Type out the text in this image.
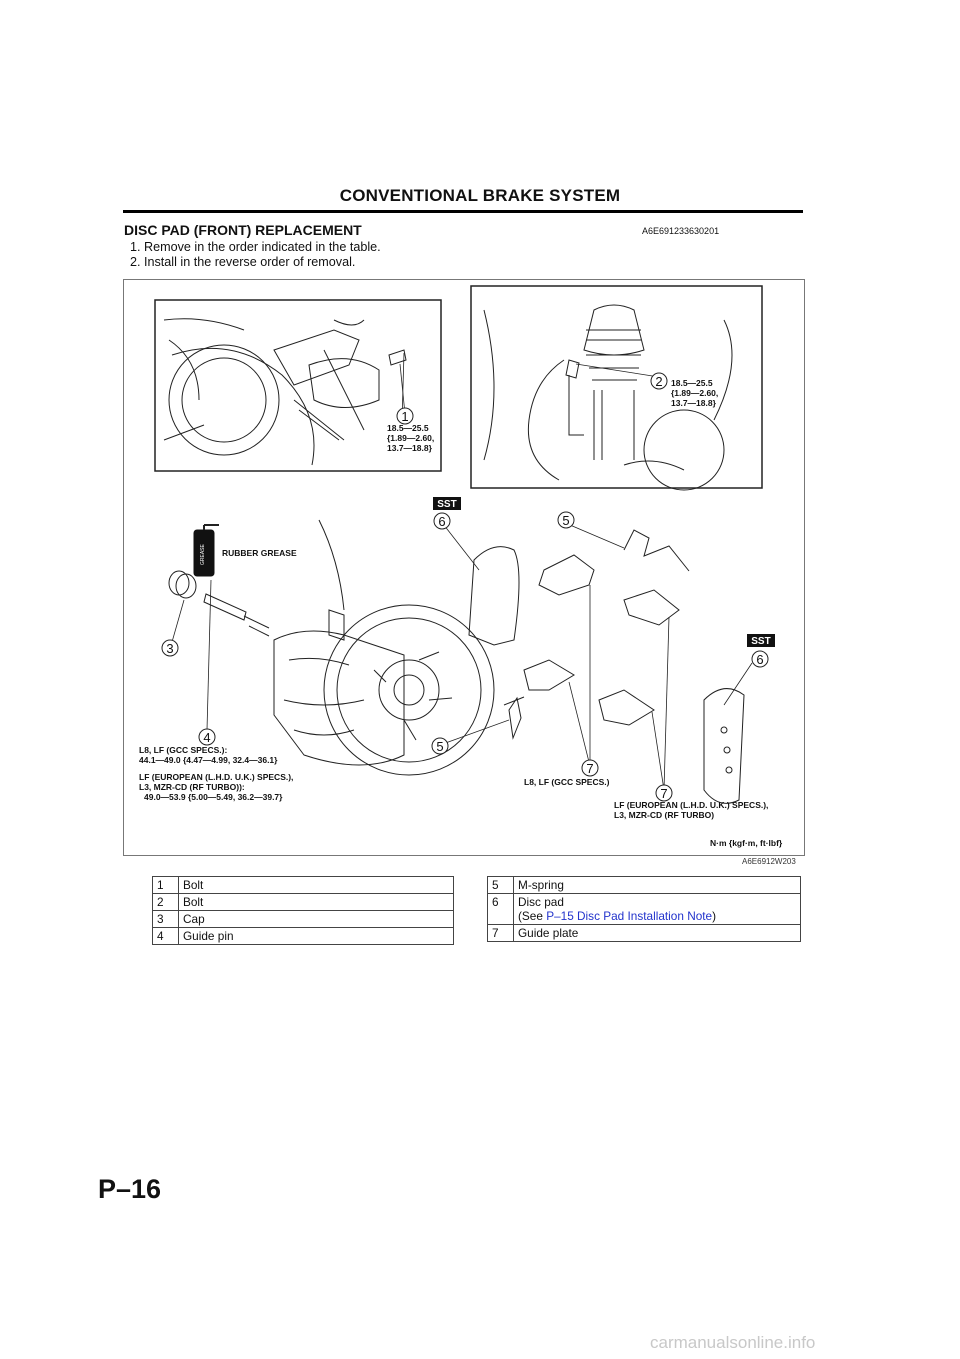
CONVENTIONAL BRAKE SYSTEM
DISC PAD (FRONT) REPLACEMENT	A6E691233630201
1. Remove in the order indicated in the table.
2. Install in the reverse order of removal.
1
2
3
4
5
5
6
6
7
7
SST
SST
GREASE RUBBER GREASE
18.5—25.5
{1.89—2.60,
13.7—18.8}
18.5—25.5
{1.89—2.60,
13.7—18.8}
L8, LF (GCC SPECS.):
44.1—49.0 {4.47—4.99, 32.4—36.1}
LF (EUROPEAN (L.H.D. U.K.) SPECS.),
L3, MZR-CD (RF TURBO)):
49.0—53.9 {5.00—5.49, 36.2—39.7}
L8, LF (GCC SPECS.)
LF (EUROPEAN (L.H.D. U.K.) SPECS.),
L3, MZR-CD (RF TURBO)
N·m {kgf·m, ft·lbf}
A6E6912W203
1	Bolt
2	Bolt
3	Cap
4	Guide pin
5	M-spring
6	Disc pad
(See P–15 Disc Pad Installation Note)

7	Guide plate
P–16
carmanualsonline.info
